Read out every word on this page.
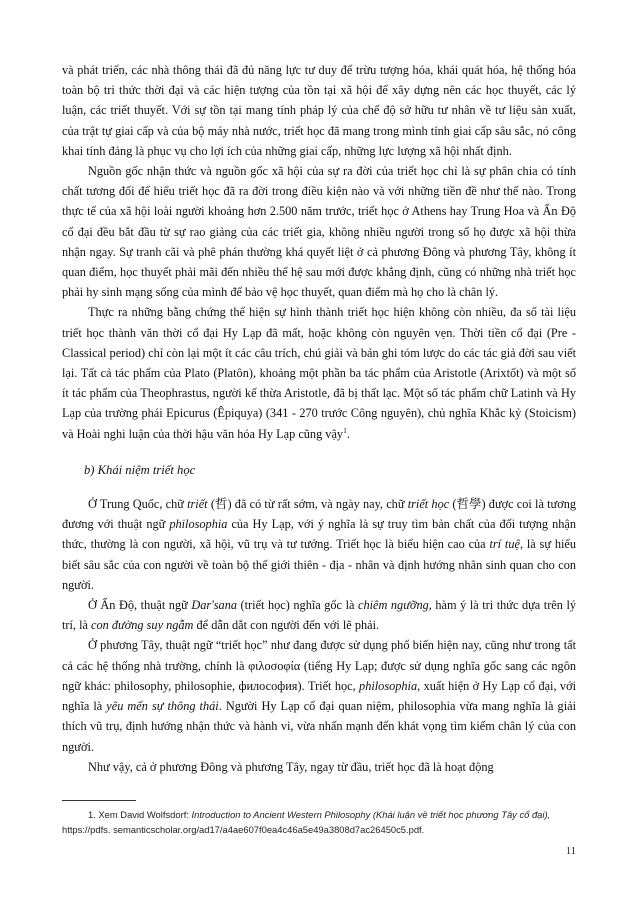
và phát triển, các nhà thông thái đã đủ năng lực tư duy để trừu tượng hóa, khái quát hóa, hệ thống hóa toàn bộ tri thức thời đại và các hiện tượng của tồn tại xã hội để xây dựng nên các học thuyết, các lý luận, các triết thuyết. Với sự tồn tại mang tính pháp lý của chế độ sở hữu tư nhân về tư liệu sản xuất, của trật tự giai cấp và của bộ máy nhà nước, triết học đã mang trong mình tính giai cấp sâu sắc, nó công khai tính đảng là phục vụ cho lợi ích của những giai cấp, những lực lượng xã hội nhất định.

Nguồn gốc nhận thức và nguồn gốc xã hội của sự ra đời của triết học chỉ là sự phân chia có tính chất tương đối để hiểu triết học đã ra đời trong điều kiện nào và với những tiền đề như thế nào. Trong thực tế của xã hội loài người khoảng hơn 2.500 năm trước, triết học ở Athens hay Trung Hoa và Ấn Độ cổ đại đều bắt đầu từ sự rao giảng của các triết gia, không nhiều người trong số họ được xã hội thừa nhận ngay. Sự tranh cãi và phê phán thường khá quyết liệt ở cả phương Đông và phương Tây, không ít quan điểm, học thuyết phải mãi đến nhiều thế hệ sau mới được khẳng định, cũng có những nhà triết học phải hy sinh mạng sống của mình để bảo vệ học thuyết, quan điểm mà họ cho là chân lý.

Thực ra những bằng chứng thể hiện sự hình thành triết học hiện không còn nhiều, đa số tài liệu triết học thành văn thời cổ đại Hy Lạp đã mất, hoặc không còn nguyên vẹn. Thời tiền cổ đại (Pre - Classical period) chỉ còn lại một ít các câu trích, chú giải và bản ghi tóm lược do các tác giả đời sau viết lại. Tất cả tác phẩm của Plato (Platôn), khoảng một phần ba tác phẩm của Aristotle (Arixtốt) và một số ít tác phẩm của Theophrastus, người kế thừa Aristotle, đã bị thất lạc. Một số tác phẩm chữ Latinh và Hy Lạp của trường phái Epicurus (Êpiquya) (341 - 270 trước Công nguyên), chủ nghĩa Khắc kỷ (Stoicism) và Hoài nghi luận của thời hậu văn hóa Hy Lạp cũng vậy$^1$.

b) Khái niệm triết học

Ở Trung Quốc, chữ triết (哲) đã có từ rất sớm, và ngày nay, chữ triết học (哲學) được coi là tương đương với thuật ngữ philosophia của Hy Lạp, với ý nghĩa là sự truy tìm bản chất của đối tượng nhận thức, thường là con người, xã hội, vũ trụ và tư tưởng. Triết học là biểu hiện cao của trí tuệ, là sự hiểu biết sâu sắc của con người về toàn bộ thế giới thiên - địa - nhân và định hướng nhân sinh quan cho con người.

Ở Ấn Độ, thuật ngữ Dar'sana (triết học) nghĩa gốc là chiêm ngưỡng, hàm ý là tri thức dựa trên lý trí, là con đường suy ngẫm để dẫn dắt con người đến với lẽ phải.

Ở phương Tây, thuật ngữ “triết học” như đang được sử dụng phổ biến hiện nay, cũng như trong tất cả các hệ thống nhà trường, chính là φιλοσοφία (tiếng Hy Lạp; được sử dụng nghĩa gốc sang các ngôn ngữ khác: philosophy, philosophie, философия). Triết học, philosophia, xuất hiện ở Hy Lạp cổ đại, với nghĩa là yêu mến sự thông thái. Người Hy Lạp cổ đại quan niệm, philosophia vừa mang nghĩa là giải thích vũ trụ, định hướng nhận thức và hành vi, vừa nhấn mạnh đến khát vọng tìm kiếm chân lý của con người.

Như vậy, cả ở phương Đông và phương Tây, ngay từ đầu, triết học đã là hoạt động

1. Xem David Wolfsdorf: Introduction to Ancient Western Philosophy (Khái luận về triết học phương Tây cổ đại),

https://pdfs. semanticscholar.org/ad17/a4ae607f0ea4c46a5e49a3808d7ac26450c5.pdf.

11
